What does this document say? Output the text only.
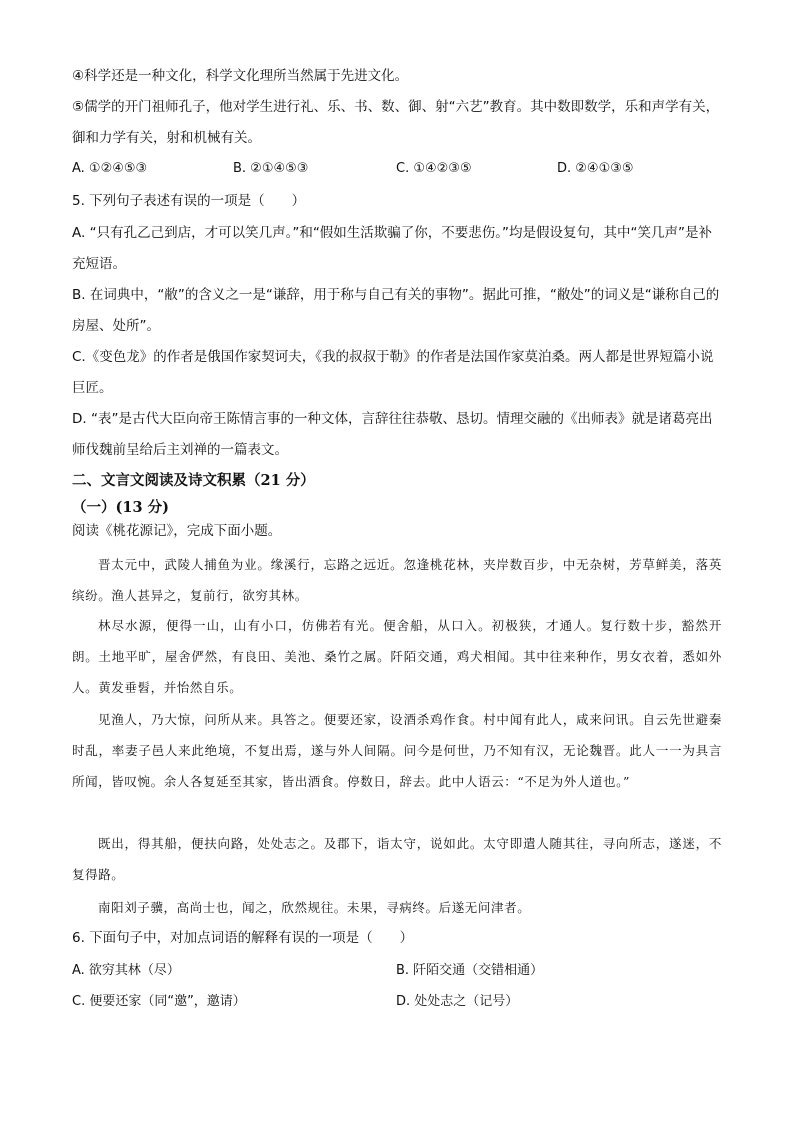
④科学还是一种文化，科学文化理所当然属于先进文化。
⑤儒学的开门祖师孔子，他对学生进行礼、乐、书、数、御、射“六艺”教育。其中数即数学，乐和声学有关，御和力学有关，射和机械有关。
A. ①②④⑤③	B. ②①④⑤③	C. ①④②③⑤	D. ②④①③⑤
5. 下列句子表述有误的一项是（　　）
A. “只有孔乙己到店，才可以笑几声。”和“假如生活欺骗了你，不要悲伤。”均是假设复句，其中“笑几声”是补充短语。
B. 在词典中，“敝”的含义之一是“谦辞，用于称与自己有关的事物”。据此可推，“敝处”的词义是“谦称自己的房屋、处所”。
C.《变色龙》的作者是俄国作家契诃夫，《我的叔叔于勒》的作者是法国作家莫泊桑。两人都是世界短篇小说巨匠。
D. “表”是古代大臣向帝王陈情言事的一种文体，言辞往往恭敬、恳切。情理交融的《出师表》就是诸葛亮出师伐魏前呈给后主刘禅的一篇表文。
二、文言文阅读及诗文积累（21 分）
（一）(13 分)
阅读《桃花源记》，完成下面小题。
晋太元中，武陵人捕鱼为业。缘溪行，忘路之远近。忽逢桃花林，夹岸数百步，中无杂树，芳草鲜美，落英缤纷。渔人甚异之，复前行，欲穷其林。
林尽水源，便得一山，山有小口，仿佛若有光。便舍船，从口入。初极狭，才通人。复行数十步，豁然开朗。土地平旷，屋舍俨然，有良田、美池、桑竹之属。阡陌交通，鸡犬相闻。其中往来种作，男女衣着，悉如外人。黄发垂髫，并怡然自乐。
见渔人，乃大惊，问所从来。具答之。便要还家，设酒杀鸡作食。村中闻有此人，咸来问讯。自云先世避秦时乱，率妻子邑人来此绝境，不复出焉，遂与外人间隔。问今是何世，乃不知有汉，无论魏晋。此人一一为具言所闻，皆叹惋。余人各复延至其家，皆出酒食。停数日，辞去。此中人语云：“不足为外人道也。”
既出，得其船，便扶向路，处处志之。及郡下，诣太守，说如此。太守即遣人随其往，寻向所志，遂迷，不复得路。
南阳刘子骥，高尚士也，闻之，欣然规往。未果，寻病终。后遂无问津者。
6. 下面句子中，对加点词语的解释有误的一项是（　　）
A. 欲穷其林（尽）	B. 阡陌交通（交错相通）
C. 便要还家（同“邀”，邀请）	D. 处处志之（记号）
